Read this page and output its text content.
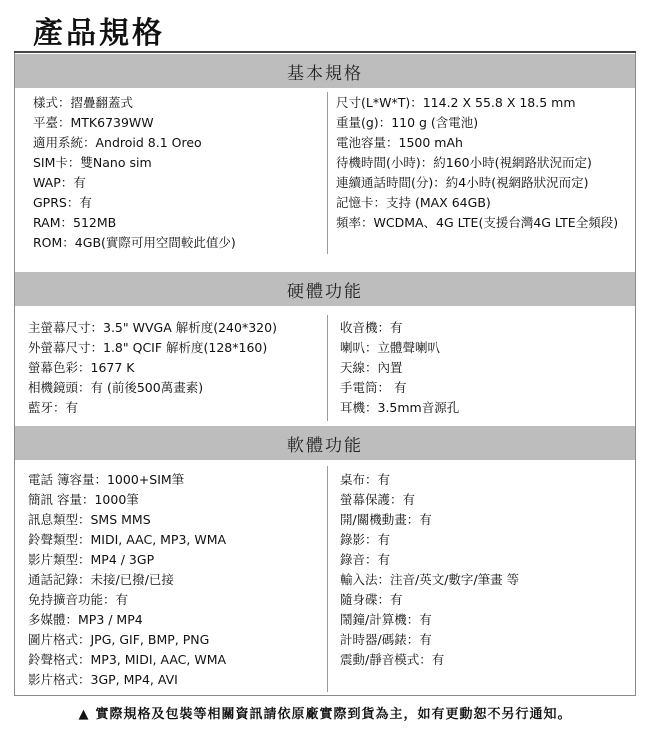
產品規格
基本規格
樣式：摺疊翻蓋式
平臺：MTK6739WW
適用系統：Android 8.1 Oreo
SIM卡：雙Nano sim
WAP：有
GPRS：有
RAM：512MB
ROM：4GB(實際可用空間較此值少)
尺寸(L*W*T)：114.2 X 55.8 X 18.5 mm
重量(g)：110 g (含電池)
電池容量：1500 mAh
待機時間(小時)：約160小時(視網路狀況而定)
連續通話時間(分)：約4小時(視網路狀況而定)
記憶卡：支持 (MAX 64GB)
頻率：WCDMA、4G LTE(支援台灣4G LTE全頻段)
硬體功能
主螢幕尺寸：3.5" WVGA 解析度(240*320)
外螢幕尺寸：1.8" QCIF 解析度(128*160)
螢幕色彩：1677 K
相機鏡頭：有 (前後500萬畫素)
藍牙：有
收音機：有
喇叭：立體聲喇叭
天線：內置
手電筒： 有
耳機：3.5mm音源孔
軟體功能
電話 簿容量：1000+SIM筆
簡訊 容量：1000筆
訊息類型：SMS MMS
鈴聲類型：MIDI, AAC, MP3, WMA
影片類型：MP4 / 3GP
通話記錄：未接/已撥/已接
免持擴音功能：有
多媒體：MP3 / MP4
圖片格式：JPG, GIF, BMP, PNG
鈴聲格式：MP3, MIDI, AAC, WMA
影片格式：3GP, MP4, AVI
桌布：有
螢幕保護：有
開/關機動畫：有
錄影：有
錄音：有
輸入法：注音/英文/數字/筆畫 等
隨身碟：有
鬧鐘/計算機：有
計時器/碼錶：有
震動/靜音模式：有
▲ 實際規格及包裝等相關資訊請依原廠實際到貨為主，如有更動恕不另行通知。
